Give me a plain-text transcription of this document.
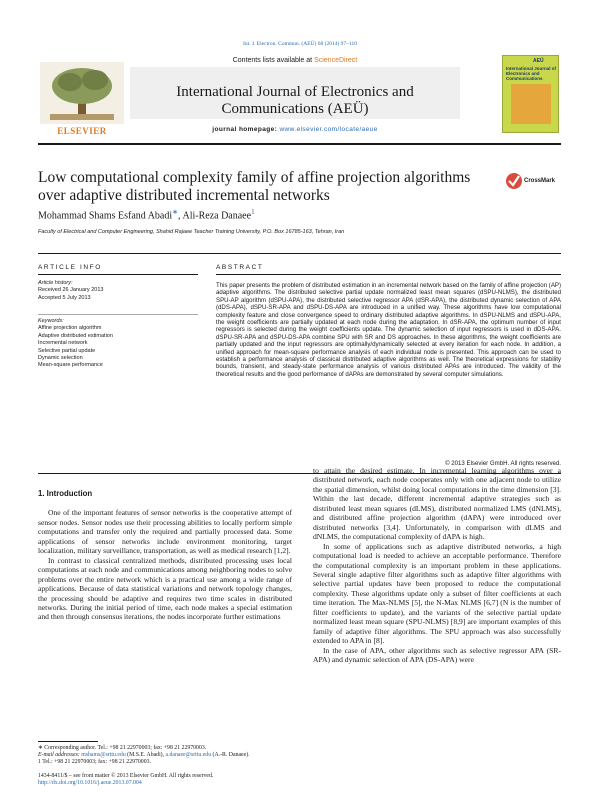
Int. J. Electron. Commun. (AEÜ) 68 (2014) 97–110
ELSEVIER
Contents lists available at ScienceDirect
International Journal of Electronics and Communications (AEÜ)
journal homepage: www.elsevier.com/locate/aeue
AEÜ
International Journal of Electronics and Communications
Low computational complexity family of affine projection algorithms over adaptive distributed incremental networks
CrossMark
Mohammad Shams Esfand Abadi∗, Ali-Reza Danaee$^1$
Faculty of Electrical and Computer Engineering, Shahid Rajaee Teacher Training University, P.O. Box 16785-163, Tehran, Iran
ARTICLE INFO	ABSTRACT
Article history:
Received 26 January 2013
Accepted 5 July 2013
Keywords:
Affine projection algorithm
Adaptive distributed estimation
Incremental network
Selective partial update
Dynamic selection
Mean-square performance
This paper presents the problem of distributed estimation in an incremental network based on the family of affine projection (AP) adaptive algorithms. The distributed selective partial update normalized least mean squares (dSPU-NLMS), the distributed SPU-AP algorithm (dSPU-APA), the distributed selective regressor APA (dSR-APA), the distributed dynamic selection of APA (dDS-APA), dSPU-SR-APA and dSPU-DS-APA are introduced in a unified way. These algorithms have low computational complexity feature and close convergence speed to ordinary distributed adaptive algorithms. In dSPU-NLMS and dSPU-APA, the weight coefficients are partially updated at each node during the adaptation. In dSR-APA, the optimum number of input regressors is selected during the weight coefficients update. The dynamic selection of input regressors is used in dDS-APA. dSPU-SR-APA and dSPU-DS-APA combine SPU with SR and DS approaches. In these algorithms, the weight coefficients are partially updated and the input regressors are optimally/dynamically selected at every iteration for each node. In addition, a unified approach for mean-square performance analysis of each individual node is presented. This approach can be used to establish a performance analysis of classical distributed adaptive algorithms as well. The theoretical expressions for stability bounds, transient, and steady-state performance analysis of various distributed APAs are introduced. The validity of the theoretical results and the good performance of dAPAs are demonstrated by several computer simulations.
© 2013 Elsevier GmbH. All rights reserved.
1. Introduction

One of the important features of sensor networks is the cooperative attempt of sensor nodes. Sensor nodes use their processing abilities to locally perform simple computations and transfer only the required and partially processed data. Some applications of sensor networks include environment monitoring, target localization, military surveillance, transportation, as well as medical research [1,2].

In contrast to classical centralized methods, distributed processing uses local computations at each node and communications among neighboring nodes to solve problems over the entire network which is a practical use among a wide range of applications. Because of data statistical variations and network topology changes, the processing should be adaptive and requires two time scales in distributed networks. During the initial period of time, each node makes a special estimation and then through consensus iterations, the nodes incorporate further estimations

to attain the desired estimate. In incremental learning algorithms over a distributed network, each node cooperates only with one adjacent node to utilize the spatial dimension, whilst doing local computations in the time dimension [3]. Within the last decade, different incremental adaptive strategies such as distributed least mean squares (dLMS), distributed normalized LMS (dNLMS), and distributed affine projection algorithm (dAPA) were introduced over distributed networks [3,4]. Unfortunately, in comparison with dLMS and dNLMS, the computational complexity of dAPA is high.

In some of applications such as adaptive distributed networks, a high computational load is needed to achieve an acceptable performance. Therefore the computational complexity is an important problem in these applications. Several single adaptive filter algorithms such as adaptive filter algorithms with selective partial updates have been proposed to reduce the computational complexity. These algorithms update only a subset of filter coefficients at each time iteration. The Max-NLMS [5], the N-Max NLMS [6,7] (N is the number of filter coefficients to update), and the variants of the selective partial update normalized least mean square (SPU-NLMS) [8,9] are important examples of this family of adaptive filter algorithms. The SPU approach was also successfully extended to APA in [8].

In the case of APA, other algorithms such as selective regressor APA (SR-APA) and dynamic selection of APA (DS-APA) were

∗ Corresponding author. Tel.: +98 21 22970003; fax: +98 21 22970003.
E-mail addresses: mshams@srttu.edu (M.S.E. Abadi), a.danaee@srttu.edu (A.-R. Danaee).
1 Tel.: +98 21 22970003; fax: +98 21 22970003.
1434-8411/$ – see front matter © 2013 Elsevier GmbH. All rights reserved.
http://dx.doi.org/10.1016/j.aeue.2013.07.004
